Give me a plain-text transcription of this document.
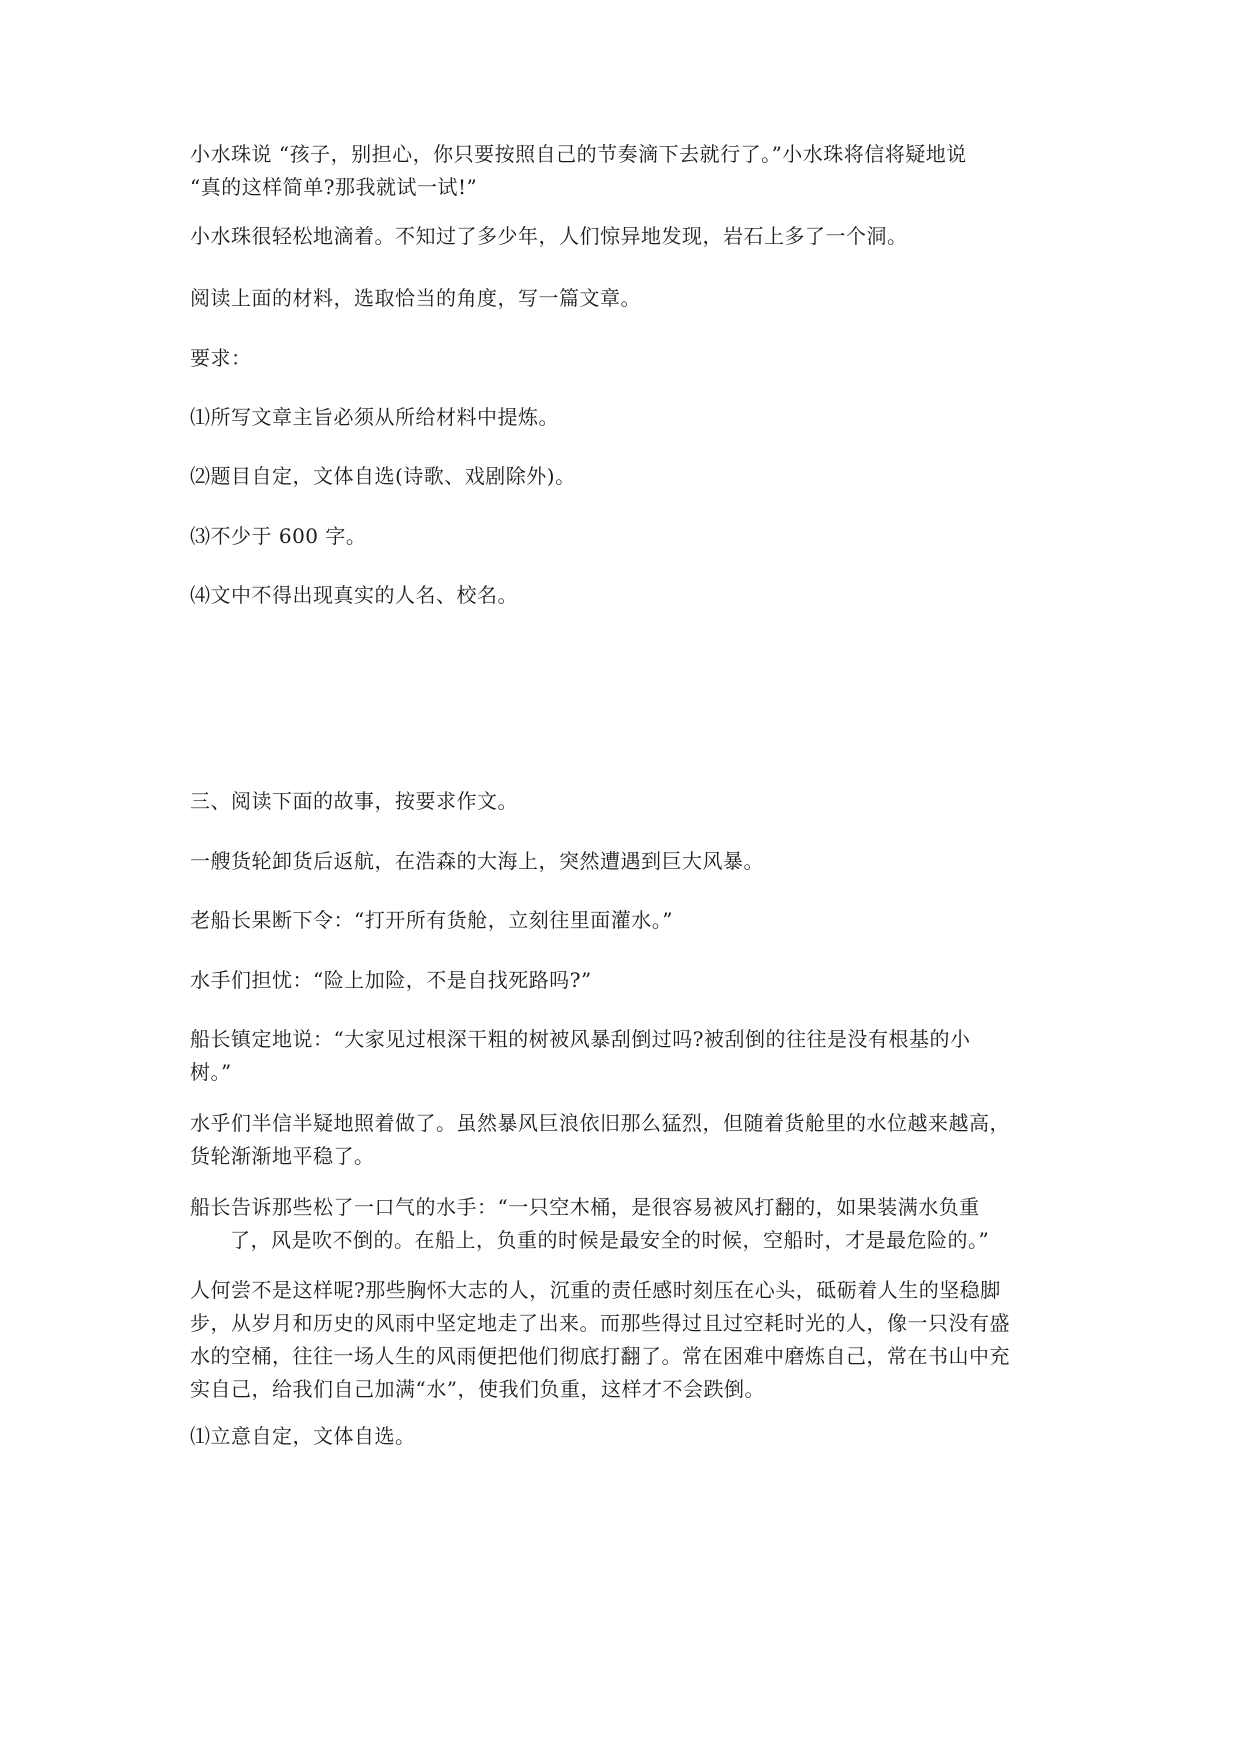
小水珠说 “孩子，别担心，你只要按照自己的节奏滴下去就行了。”小水珠将信将疑地说
“真的这样简单?那我就试一试!”

小水珠很轻松地滴着。不知过了多少年，人们惊异地发现，岩石上多了一个洞。

阅读上面的材料，选取恰当的角度，写一篇文章。

要求：

⑴所写文章主旨必须从所给材料中提炼。

⑵题目自定，文体自选(诗歌、戏剧除外)。

⑶不少于 600 字。

⑷文中不得出现真实的人名、校名。

三、阅读下面的故事，按要求作文。

一艘货轮卸货后返航，在浩森的大海上，突然遭遇到巨大风暴。

老船长果断下令：“打开所有货舱，立刻往里面灌水。”

水手们担忧：“险上加险，不是自找死路吗?”

船长镇定地说：“大家见过根深干粗的树被风暴刮倒过吗?被刮倒的往往是没有根基的小
树。”

水乎们半信半疑地照着做了。虽然暴风巨浪依旧那么猛烈，但随着货舱里的水位越来越高，
货轮渐渐地平稳了。

船长告诉那些松了一口气的水手：“一只空木桶，是很容易被风打翻的，如果装满水负重
了，风是吹不倒的。在船上，负重的时候是最安全的时候，空船时，才是最危险的。”

人何尝不是这样呢?那些胸怀大志的人，沉重的责任感时刻压在心头，砥砺着人生的坚稳脚
步，从岁月和历史的风雨中坚定地走了出来。而那些得过且过空耗时光的人，像一只没有盛
水的空桶，往往一场人生的风雨便把他们彻底打翻了。常在困难中磨炼自己，常在书山中充
实自己，给我们自己加满“水”，使我们负重，这样才不会跌倒。

⑴立意自定，文体自选。
